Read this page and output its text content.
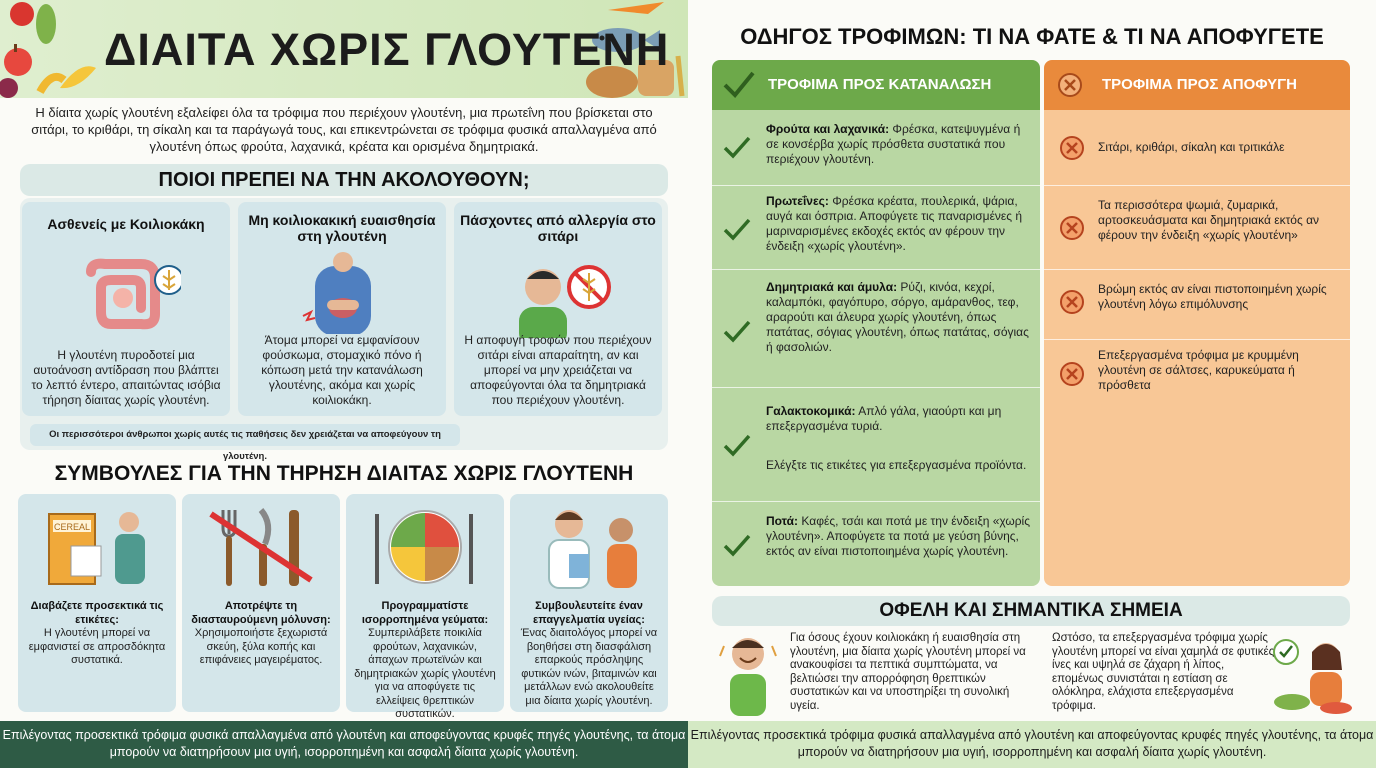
ΔΙΑΙΤΑ ΧΩΡΙΣ ΓΛΟΥΤΕΝΗ
Η δίαιτα χωρίς γλουτένη εξαλείφει όλα τα τρόφιμα που περιέχουν γλουτένη, μια πρωτεΐνη που βρίσκεται στο σιτάρι, το κριθάρι, τη σίκαλη και τα παράγωγά τους, και επικεντρώνεται σε τρόφιμα φυσικά απαλλαγμένα από γλουτένη όπως φρούτα, λαχανικά, κρέατα και ορισμένα δημητριακά.
ΠΟΙΟΙ ΠΡΕΠΕΙ ΝΑ ΤΗΝ ΑΚΟΛΟΥΘΟΥΝ;
Ασθενείς με Κοιλιοκάκη

Η γλουτένη πυροδοτεί μια αυτοάνοση αντίδραση που βλάπτει το λεπτό έντερο, απαιτώντας ισόβια τήρηση δίαιτας χωρίς γλουτένη.

Μη κοιλιοκακική ευαισθησία στη γλουτένη

Άτομα μπορεί να εμφανίσουν φούσκωμα, στομαχικό πόνο ή κόπωση μετά την κατανάλωση γλουτένης, ακόμα και χωρίς κοιλιοκάκη.

Πάσχοντες από αλλεργία στο σιτάρι

Η αποφυγή τροφών που περιέχουν σιτάρι είναι απαραίτητη, αν και μπορεί να μην χρειάζεται να αποφεύγονται όλα τα δημητριακά που περιέχουν γλουτένη.

Οι περισσότεροι άνθρωποι χωρίς αυτές τις παθήσεις δεν χρειάζεται να αποφεύγουν τη γλουτένη.
ΣΥΜΒΟΥΛΕΣ ΓΙΑ ΤΗΝ ΤΗΡΗΣΗ ΔΙΑΙΤΑΣ ΧΩΡΙΣ ΓΛΟΥΤΕΝΗ
CEREAL

Διαβάζετε προσεκτικά τις ετικέτες:
Η γλουτένη μπορεί να εμφανιστεί σε απροσδόκητα συστατικά.

Αποτρέψτε τη διασταυρούμενη μόλυνση:
Χρησιμοποιήστε ξεχωριστά σκεύη, ξύλα κοπής και επιφάνειες μαγειρέματος.

Προγραμματίστε ισορροπημένα γεύματα:
Συμπεριλάβετε ποικιλία φρούτων, λαχανικών, άπαχων πρωτεϊνών και δημητριακών χωρίς γλουτένη για να αποφύγετε τις ελλείψεις θρεπτικών συστατικών.

Συμβουλευτείτε έναν επαγγελματία υγείας:
Ένας διαιτολόγος μπορεί να βοηθήσει στη διασφάλιση επαρκούς πρόσληψης φυτικών ινών, βιταμινών και μετάλλων ενώ ακολουθείτε μια δίαιτα χωρίς γλουτένη.

ΟΔΗΓΟΣ ΤΡΟΦΙΜΩΝ: ΤΙ ΝΑ ΦΑΤΕ & ΤΙ ΝΑ ΑΠΟΦΥΓΕΤΕ
ΤΡΟΦΙΜΑ ΠΡΟΣ ΚΑΤΑΝΑΛΩΣΗ	ΤΡΟΦΙΜΑ ΠΡΟΣ ΑΠΟΦΥΓΗ
Φρούτα και λαχανικά: Φρέσκα, κατεψυγμένα ή σε κονσέρβα χωρίς πρόσθετα συστατικά που περιέχουν γλουτένη.
Πρωτεΐνες: Φρέσκα κρέατα, πουλερικά, ψάρια, αυγά και όσπρια. Αποφύγετε τις παναρισμένες ή μαριναρισμένες εκδοχές εκτός αν φέρουν την ένδειξη «χωρίς γλουτένη».
Δημητριακά και άμυλα: Ρύζι, κινόα, κεχρί, καλαμπόκι, φαγόπυρο, σόργο, αμάρανθος, τεφ, αραρούτι και άλευρα χωρίς γλουτένη, όπως πατάτας, σόγιας γλουτένη, όπως πατάτας, σόγιας ή φασολιών.
Γαλακτοκομικά: Απλό γάλα, γιαούρτι και μη επεξεργασμένα τυριά.
Ελέγξτε τις ετικέτες για επεξεργασμένα προϊόντα.
Ποτά: Καφές, τσάι και ποτά με την ένδειξη «χωρίς γλουτένη». Αποφύγετε τα ποτά με γεύση βύνης, εκτός αν είναι πιστοποιημένα χωρίς γλουτένη.
Σιτάρι, κριθάρι, σίκαλη και τριτικάλε
Τα περισσότερα ψωμιά, ζυμαρικά, αρτοσκευάσματα και δημητριακά εκτός αν φέρουν την ένδειξη «χωρίς γλουτένη»
Βρώμη εκτός αν είναι πιστοποιημένη χωρίς γλουτένη λόγω επιμόλυνσης
Επεξεργασμένα τρόφιμα με κρυμμένη γλουτένη σε σάλτσες, καρυκεύματα ή πρόσθετα
ΟΦΕΛΗ ΚΑΙ ΣΗΜΑΝΤΙΚΑ ΣΗΜΕΙΑ
Για όσους έχουν κοιλιοκάκη ή ευαισθησία στη γλουτένη, μια δίαιτα χωρίς γλουτένη μπορεί να ανακουφίσει τα πεπτικά συμπτώματα, να βελτιώσει την απορρόφηση θρεπτικών συστατικών και να υποστηρίξει τη συνολική υγεία.
Ωστόσο, τα επεξεργασμένα τρόφιμα χωρίς γλουτένη μπορεί να είναι χαμηλά σε φυτικές ίνες και υψηλά σε ζάχαρη ή λίπος, επομένως συνιστάται η εστίαση σε ολόκληρα, ελάχιστα επεξεργασμένα τρόφιμα.
Επιλέγοντας προσεκτικά τρόφιμα φυσικά απαλλαγμένα από γλουτένη και αποφεύγοντας κρυφές πηγές γλουτένης, τα άτομα μπορούν να διατηρήσουν μια υγιή, ισορροπημένη και ασφαλή δίαιτα χωρίς γλουτένη.
Επιλέγοντας προσεκτικά τρόφιμα φυσικά απαλλαγμένα από γλουτένη και αποφεύγοντας κρυφές πηγές γλουτένης, τα άτομα μπορούν να διατηρήσουν μια υγιή, ισορροπημένη και ασφαλή δίαιτα χωρίς γλουτένη.
